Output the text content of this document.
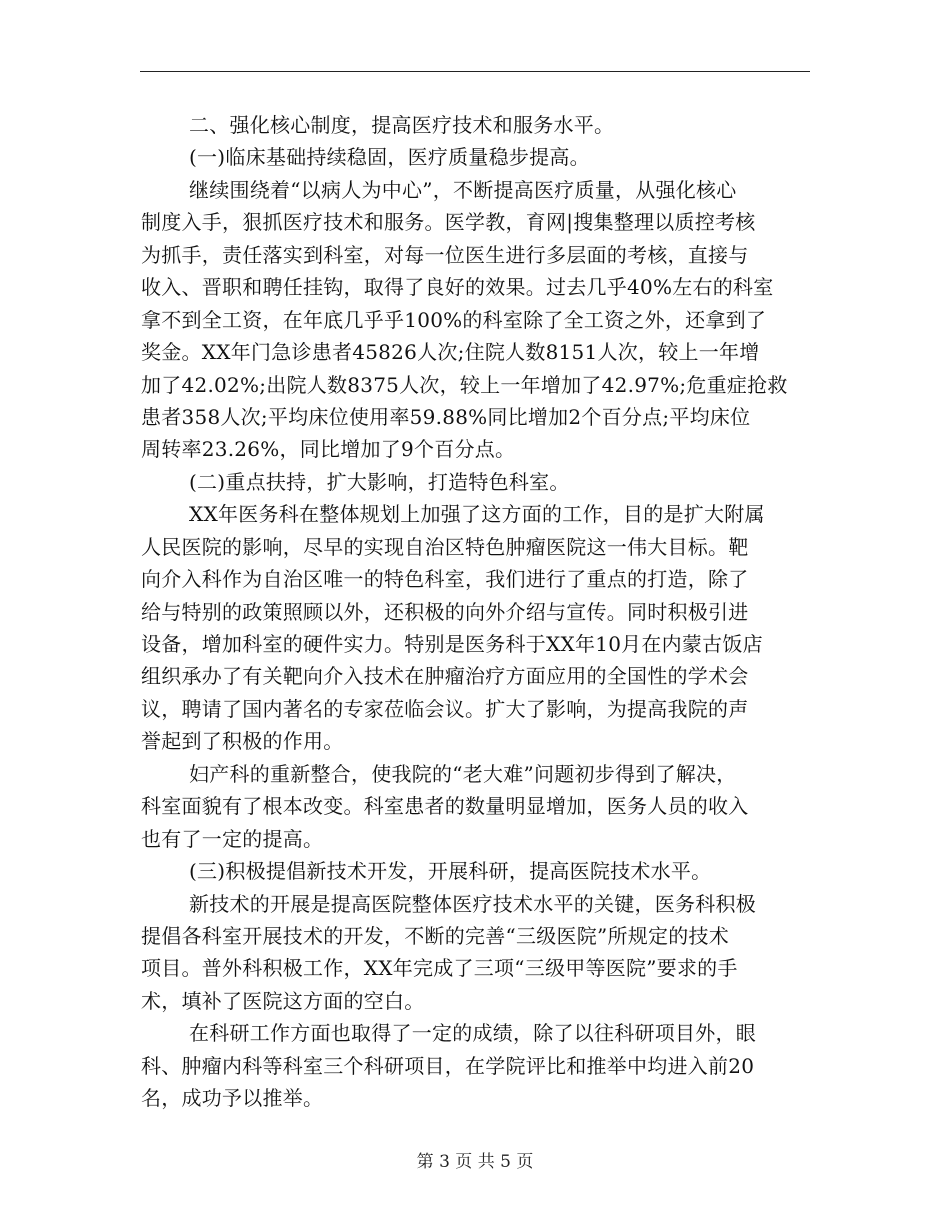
二、强化核心制度，提高医疗技术和服务水平。
(一)临床基础持续稳固，医疗质量稳步提高。
继续围绕着“以病人为中心”，不断提高医疗质量，从强化核心
制度入手，狠抓医疗技术和服务。医学教，育网|搜集整理以质控考核
为抓手，责任落实到科室，对每一位医生进行多层面的考核，直接与
收入、晋职和聘任挂钩，取得了良好的效果。过去几乎40%左右的科室
拿不到全工资，在年底几乎乎100%的科室除了全工资之外，还拿到了
奖金。XX年门急诊患者45826人次;住院人数8151人次，较上一年增
加了42.02%;出院人数8375人次，较上一年增加了42.97%;危重症抢救
患者358人次;平均床位使用率59.88%同比增加2个百分点;平均床位
周转率23.26%，同比增加了9个百分点。
(二)重点扶持，扩大影响，打造特色科室。
XX年医务科在整体规划上加强了这方面的工作，目的是扩大附属
人民医院的影响，尽早的实现自治区特色肿瘤医院这一伟大目标。靶
向介入科作为自治区唯一的特色科室，我们进行了重点的打造，除了
给与特别的政策照顾以外，还积极的向外介绍与宣传。同时积极引进
设备，增加科室的硬件实力。特别是医务科于XX年10月在内蒙古饭店
组织承办了有关靶向介入技术在肿瘤治疗方面应用的全国性的学术会
议，聘请了国内著名的专家莅临会议。扩大了影响，为提高我院的声
誉起到了积极的作用。
妇产科的重新整合，使我院的“老大难”问题初步得到了解决，
科室面貌有了根本改变。科室患者的数量明显增加，医务人员的收入
也有了一定的提高。
(三)积极提倡新技术开发，开展科研，提高医院技术水平。
新技术的开展是提高医院整体医疗技术水平的关键，医务科积极
提倡各科室开展技术的开发，不断的完善“三级医院”所规定的技术
项目。普外科积极工作，XX年完成了三项“三级甲等医院”要求的手
术，填补了医院这方面的空白。
在科研工作方面也取得了一定的成绩，除了以往科研项目外，眼
科、肿瘤内科等科室三个科研项目，在学院评比和推举中均进入前20
名，成功予以推举。
第 3 页 共 5 页
